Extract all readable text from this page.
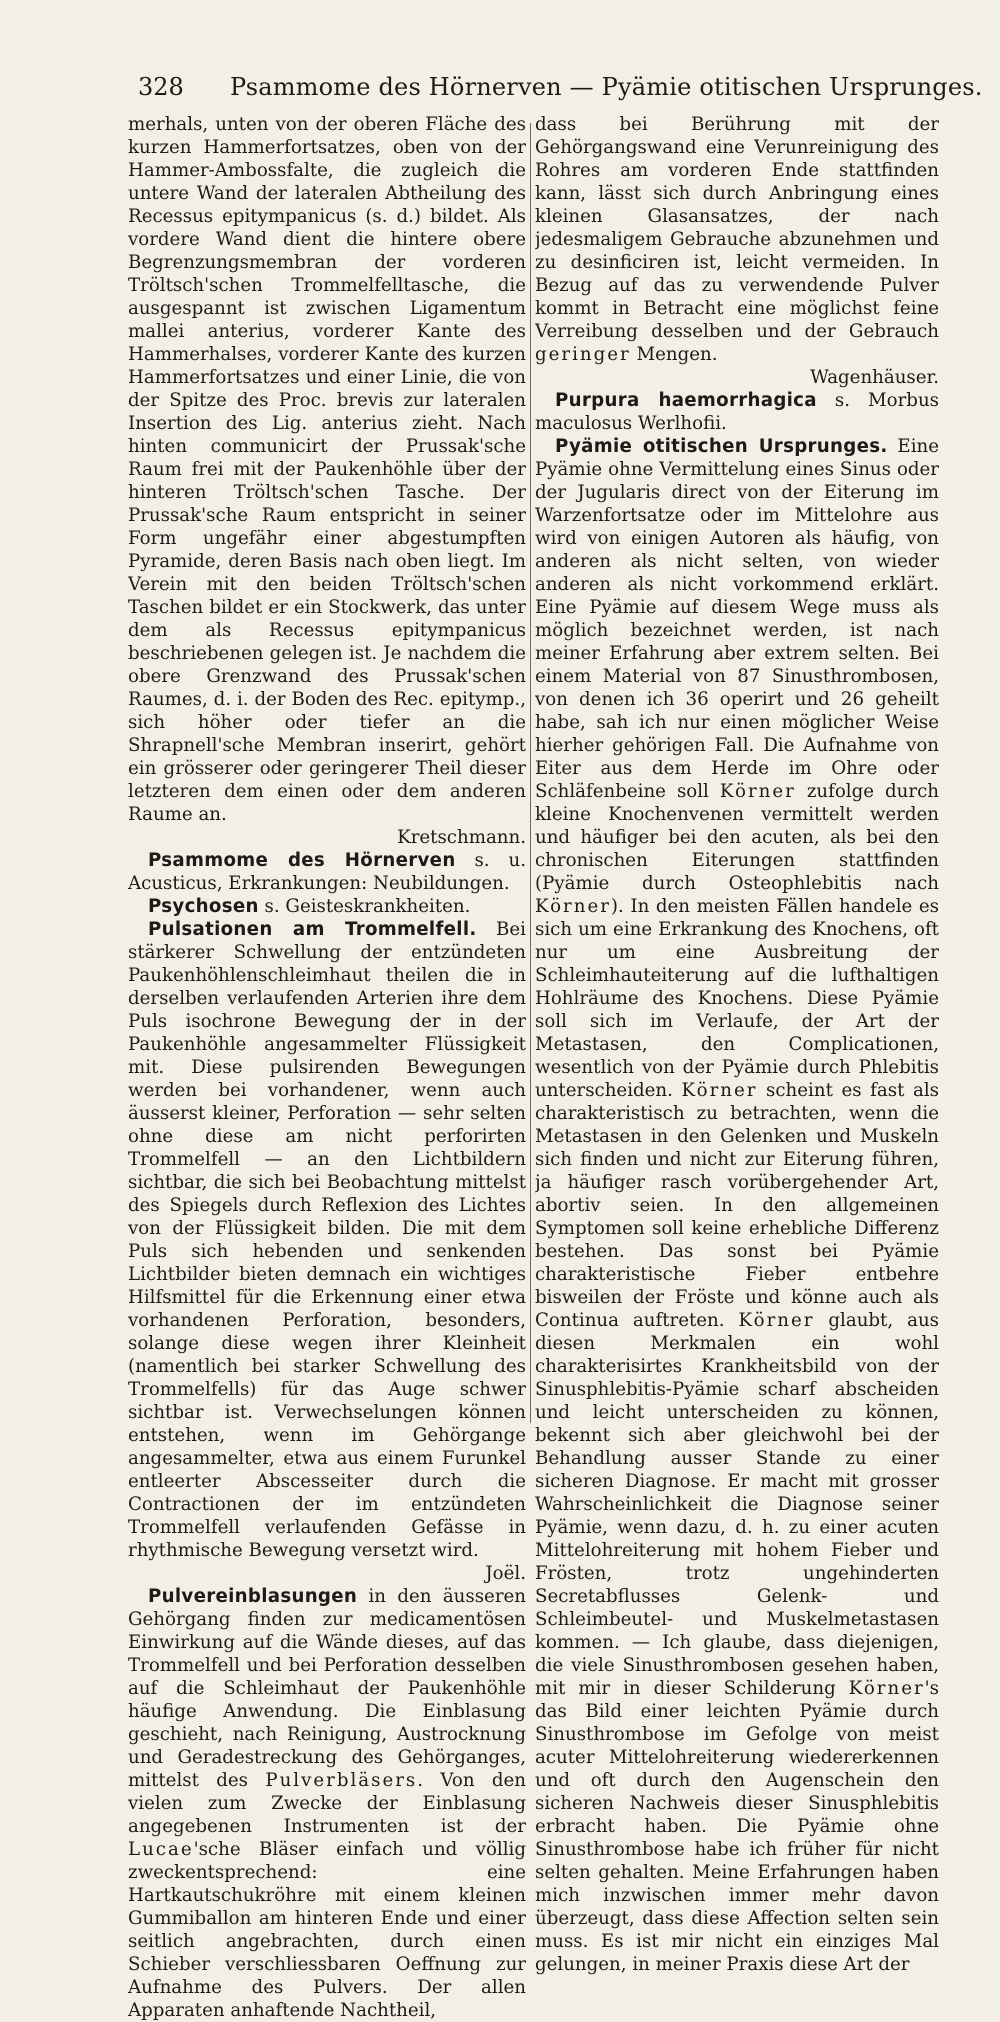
328 Psammome des Hörnerven — Pyämie otitischen Ursprunges.

merhals, unten von der oberen Fläche des kurzen Hammerfortsatzes, oben von der Hammer-Ambossfalte, die zugleich die untere Wand der lateralen Abtheilung des Recessus epitympanicus (s. d.) bildet. Als vordere Wand dient die hintere obere Begrenzungsmembran der vorderen Tröltsch'schen Trommelfelltasche, die ausgespannt ist zwischen Ligamentum mallei anterius, vorderer Kante des Hammerhalses, vorderer Kante des kurzen Hammerfortsatzes und einer Linie, die von der Spitze des Proc. brevis zur lateralen Insertion des Lig. anterius zieht. Nach hinten communicirt der Prussak'sche Raum frei mit der Paukenhöhle über der hinteren Tröltsch'schen Tasche. Der Prussak'sche Raum entspricht in seiner Form ungefähr einer abgestumpften Pyramide, deren Basis nach oben liegt. Im Verein mit den beiden Tröltsch'schen Taschen bildet er ein Stockwerk, das unter dem als Recessus epitympanicus beschriebenen gelegen ist. Je nachdem die obere Grenzwand des Prussak'schen Raumes, d. i. der Boden des Rec. epitymp., sich höher oder tiefer an die Shrapnell'sche Membran inserirt, gehört ein grösserer oder geringerer Theil dieser letzteren dem einen oder dem anderen Raume an.

Kretschmann.

Psammome des Hörnerven s. u. Acusticus, Erkrankungen: Neubildungen.

Psychosen s. Geisteskrankheiten.

Pulsationen am Trommelfell. Bei stärkerer Schwellung der entzündeten Paukenhöhlenschleimhaut theilen die in derselben verlaufenden Arterien ihre dem Puls isochrone Bewegung der in der Paukenhöhle angesammelter Flüssigkeit mit. Diese pulsirenden Bewegungen werden bei vorhandener, wenn auch äusserst kleiner, Perforation — sehr selten ohne diese am nicht perforirten Trommelfell — an den Lichtbildern sichtbar, die sich bei Beobachtung mittelst des Spiegels durch Reflexion des Lichtes von der Flüssigkeit bilden. Die mit dem Puls sich hebenden und senkenden Lichtbilder bieten demnach ein wichtiges Hilfsmittel für die Erkennung einer etwa vorhandenen Perforation, besonders, solange diese wegen ihrer Kleinheit (namentlich bei starker Schwellung des Trommelfells) für das Auge schwer sichtbar ist. Verwechselungen können entstehen, wenn im Gehörgange angesammelter, etwa aus einem Furunkel entleerter Abscesseiter durch die Contractionen der im entzündeten Trommelfell verlaufenden Gefässe in rhythmische Bewegung versetzt wird.

Joël.

Pulvereinblasungen in den äusseren Gehörgang finden zur medicamentösen Einwirkung auf die Wände dieses, auf das Trommelfell und bei Perforation desselben auf die Schleimhaut der Paukenhöhle häufige Anwendung. Die Einblasung geschieht, nach Reinigung, Austrocknung und Geradestreckung des Gehörganges, mittelst des Pulverbläsers. Von den vielen zum Zwecke der Einblasung angegebenen Instrumenten ist der Lucae'sche Bläser einfach und völlig zweckentsprechend: eine Hartkautschukröhre mit einem kleinen Gummiballon am hinteren Ende und einer seitlich angebrachten, durch einen Schieber verschliessbaren Oeffnung zur Aufnahme des Pulvers. Der allen Apparaten anhaftende Nachtheil,

dass bei Berührung mit der Gehörgangswand eine Verunreinigung des Rohres am vorderen Ende stattfinden kann, lässt sich durch Anbringung eines kleinen Glasansatzes, der nach jedesmaligem Gebrauche abzunehmen und zu desinficiren ist, leicht vermeiden. In Bezug auf das zu verwendende Pulver kommt in Betracht eine möglichst feine Verreibung desselben und der Gebrauch geringer Mengen.

Wagenhäuser.

Purpura haemorrhagica s. Morbus maculosus Werlhofii.

Pyämie otitischen Ursprunges. Eine Pyämie ohne Vermittelung eines Sinus oder der Jugularis direct von der Eiterung im Warzenfortsatze oder im Mittelohre aus wird von einigen Autoren als häufig, von anderen als nicht selten, von wieder anderen als nicht vorkommend erklärt. Eine Pyämie auf diesem Wege muss als möglich bezeichnet werden, ist nach meiner Erfahrung aber extrem selten. Bei einem Material von 87 Sinusthrombosen, von denen ich 36 operirt und 26 geheilt habe, sah ich nur einen möglicher Weise hierher gehörigen Fall. Die Aufnahme von Eiter aus dem Herde im Ohre oder Schläfenbeine soll Körner zufolge durch kleine Knochenvenen vermittelt werden und häufiger bei den acuten, als bei den chronischen Eiterungen stattfinden (Pyämie durch Osteophlebitis nach Körner). In den meisten Fällen handele es sich um eine Erkrankung des Knochens, oft nur um eine Ausbreitung der Schleimhauteiterung auf die lufthaltigen Hohlräume des Knochens. Diese Pyämie soll sich im Verlaufe, der Art der Metastasen, den Complicationen, wesentlich von der Pyämie durch Phlebitis unterscheiden. Körner scheint es fast als charakteristisch zu betrachten, wenn die Metastasen in den Gelenken und Muskeln sich finden und nicht zur Eiterung führen, ja häufiger rasch vorübergehender Art, abortiv seien. In den allgemeinen Symptomen soll keine erhebliche Differenz bestehen. Das sonst bei Pyämie charakteristische Fieber entbehre bisweilen der Fröste und könne auch als Continua auftreten. Körner glaubt, aus diesen Merkmalen ein wohl charakterisirtes Krankheitsbild von der Sinusphlebitis-Pyämie scharf abscheiden und leicht unterscheiden zu können, bekennt sich aber gleichwohl bei der Behandlung ausser Stande zu einer sicheren Diagnose. Er macht mit grosser Wahrscheinlichkeit die Diagnose seiner Pyämie, wenn dazu, d. h. zu einer acuten Mittelohreiterung mit hohem Fieber und Frösten, trotz ungehinderten Secretabflusses Gelenk- und Schleimbeutel- und Muskelmetastasen kommen. — Ich glaube, dass diejenigen, die viele Sinusthrombosen gesehen haben, mit mir in dieser Schilderung Körner's das Bild einer leichten Pyämie durch Sinusthrombose im Gefolge von meist acuter Mittelohreiterung wiedererkennen und oft durch den Augenschein den sicheren Nachweis dieser Sinusphlebitis erbracht haben. Die Pyämie ohne Sinusthrombose habe ich früher für nicht selten gehalten. Meine Erfahrungen haben mich inzwischen immer mehr davon überzeugt, dass diese Affection selten sein muss. Es ist mir nicht ein einziges Mal gelungen, in meiner Praxis diese Art der
